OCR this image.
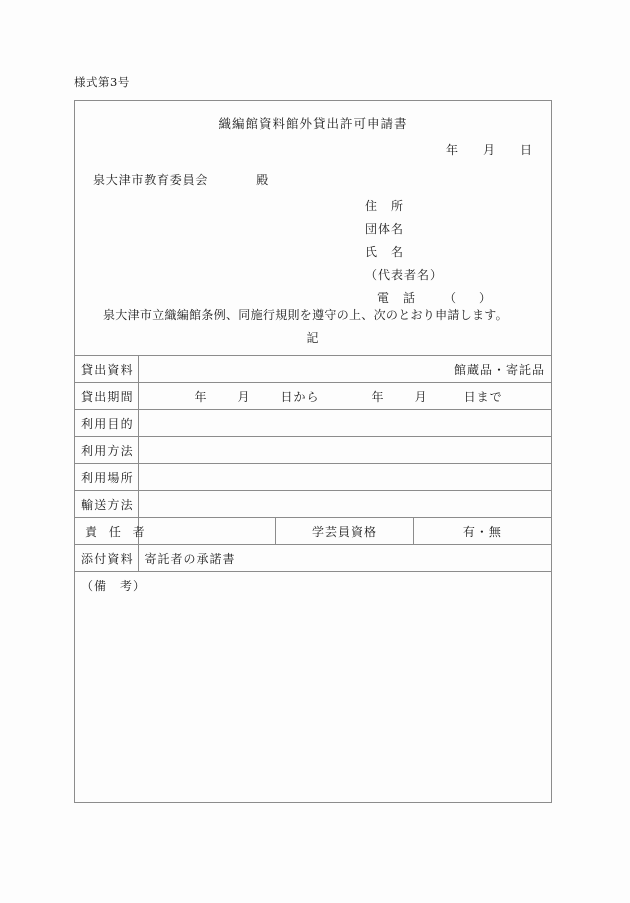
様式第3号
織編館資料館外貸出許可申請書
年 月 日
泉大津市教育委員会	殿
住　所
団体名
氏　名
（代表者名）
電　話 （ ）
泉大津市立織編館条例、同施行規則を遵守の上、次のとおり申請します。
記
貸出資料	館蔵品・寄託品		
貸出期間	年 月 日から 年 月 日まで		
利用目的			
利用方法			
利用場所			
輸送方法			
責 任 者		学芸員資格	有・無
添付資料	寄託者の承諾書		
（備　考）			
